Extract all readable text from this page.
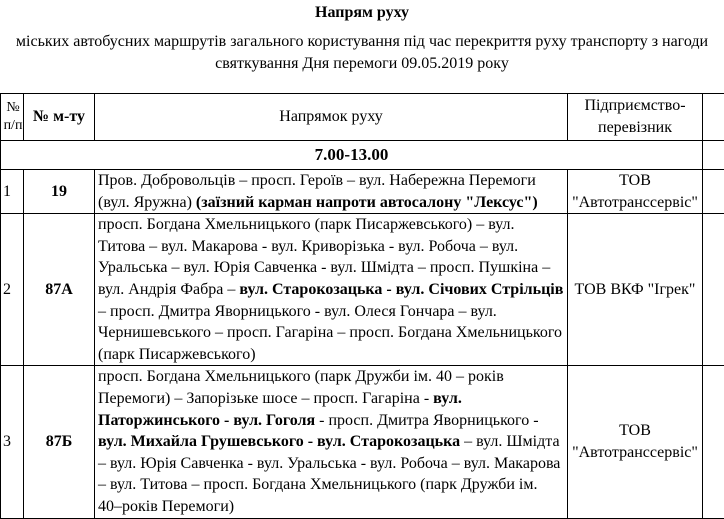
Напрям руху
міських автобусних маршрутів загального користування під час перекриття руху транспорту з нагоди
святкування Дня перемоги 09.05.2019 року
№ п/п	№ м-ту	Напрямок руху	Підприємство-перевізник	
7.00-13.00				
1	19	Пров. Добровольців – просп. Героїв – вул. Набережна Перемоги (вул. Яружна) (заїзний карман напроти автосалону "Лексус")	ТОВ "Автотранссервіс"	
2	87А	просп. Богдана Хмельницького (парк Писаржевського) – вул. Титова – вул. Макарова - вул. Криворізька - вул. Робоча – вул. Уральська – вул. Юрія Савченка - вул. Шмідта – просп. Пушкіна – вул. Андрія Фабра – вул. Старокозацька - вул. Січових Стрільців – просп. Дмитра Яворницького - вул. Олеся Гончара – вул. Чернишевського – просп. Гагаріна – просп. Богдана Хмельницького (парк Писаржевського)	ТОВ ВКФ "Ігрек"	
3	87Б	просп. Богдана Хмельницького (парк Дружби ім. 40 – років Перемоги) – Запорізьке шосе – просп. Гагаріна - вул. Паторжинського - вул. Гоголя - просп. Дмитра Яворницького - вул. Михайла Грушевського - вул. Старокозацька – вул. Шмідта – вул. Юрія Савченка - вул. Уральська - вул. Робоча – вул. Макарова – вул. Титова – просп. Богдана Хмельницького (парк Дружби ім. 40–років Перемоги)	ТОВ "Автотранссервіс"	
